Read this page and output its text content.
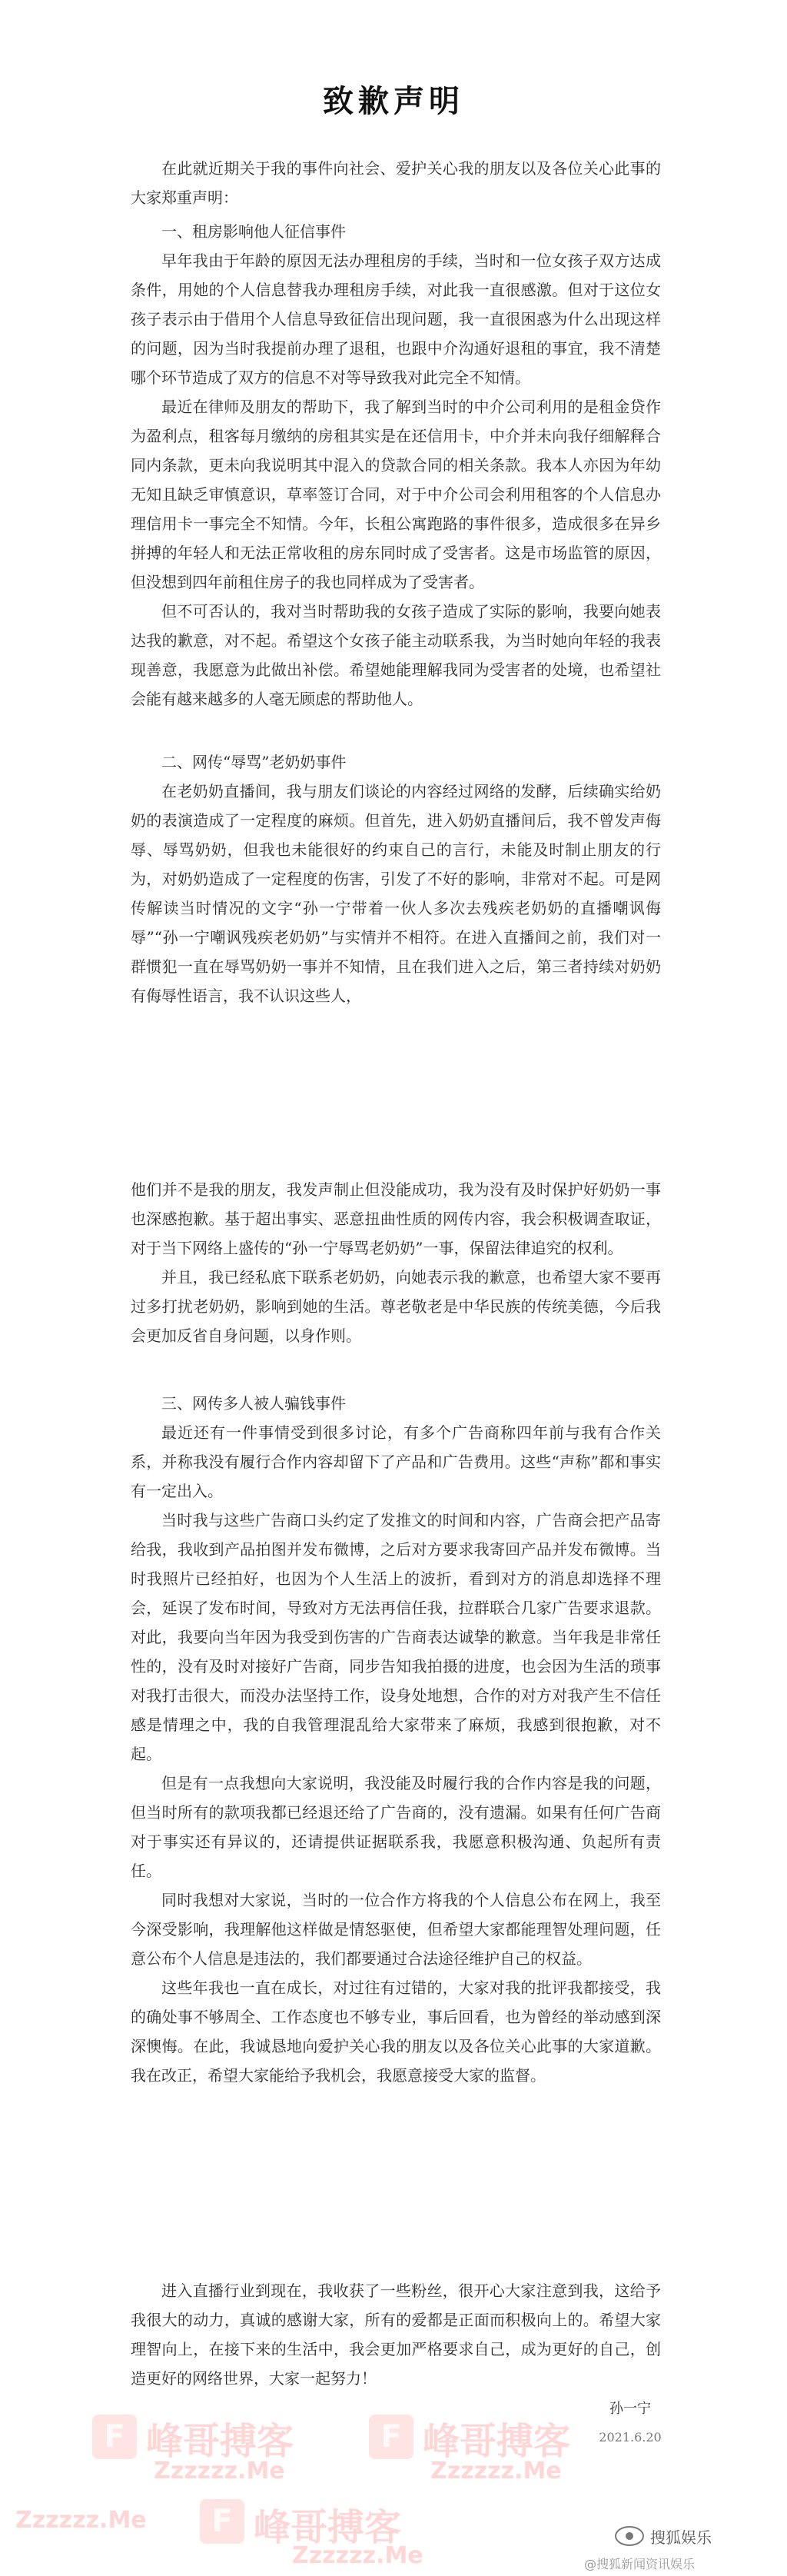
致歉声明

在此就近期关于我的事件向社会、爱护关心我的朋友以及各位关心此事的大家郑重声明：

一、租房影响他人征信事件

早年我由于年龄的原因无法办理租房的手续，当时和一位女孩子双方达成条件，用她的个人信息替我办理租房手续，对此我一直很感激。但对于这位女孩子表示由于借用个人信息导致征信出现问题，我一直很困惑为什么出现这样的问题，因为当时我提前办理了退租，也跟中介沟通好退租的事宜，我不清楚哪个环节造成了双方的信息不对等导致我对此完全不知情。

最近在律师及朋友的帮助下，我了解到当时的中介公司利用的是租金贷作为盈利点，租客每月缴纳的房租其实是在还信用卡，中介并未向我仔细解释合同内条款，更未向我说明其中混入的贷款合同的相关条款。我本人亦因为年幼无知且缺乏审慎意识，草率签订合同，对于中介公司会利用租客的个人信息办理信用卡一事完全不知情。今年，长租公寓跑路的事件很多，造成很多在异乡拼搏的年轻人和无法正常收租的房东同时成了受害者。这是市场监管的原因，但没想到四年前租住房子的我也同样成为了受害者。

但不可否认的，我对当时帮助我的女孩子造成了实际的影响，我要向她表达我的歉意，对不起。希望这个女孩子能主动联系我，为当时她向年轻的我表现善意，我愿意为此做出补偿。希望她能理解我同为受害者的处境，也希望社会能有越来越多的人毫无顾虑的帮助他人。

二、网传“辱骂”老奶奶事件

在老奶奶直播间，我与朋友们谈论的内容经过网络的发酵，后续确实给奶奶的表演造成了一定程度的麻烦。但首先，进入奶奶直播间后，我不曾发声侮辱、辱骂奶奶，但我也未能很好的约束自己的言行，未能及时制止朋友的行为，对奶奶造成了一定程度的伤害，引发了不好的影响，非常对不起。可是网传解读当时情况的文字“孙一宁带着一伙人多次去残疾老奶奶的直播嘲讽侮辱”“孙一宁嘲讽残疾老奶奶”与实情并不相符。在进入直播间之前，我们对一群惯犯一直在辱骂奶奶一事并不知情，且在我们进入之后，第三者持续对奶奶有侮辱性语言，我不认识这些人，

他们并不是我的朋友，我发声制止但没能成功，我为没有及时保护好奶奶一事也深感抱歉。基于超出事实、恶意扭曲性质的网传内容，我会积极调查取证，对于当下网络上盛传的“孙一宁辱骂老奶奶”一事，保留法律追究的权利。

并且，我已经私底下联系老奶奶，向她表示我的歉意，也希望大家不要再过多打扰老奶奶，影响到她的生活。尊老敬老是中华民族的传统美德，今后我会更加反省自身问题，以身作则。

三、网传多人被人骗钱事件

最近还有一件事情受到很多讨论，有多个广告商称四年前与我有合作关系，并称我没有履行合作内容却留下了产品和广告费用。这些“声称”都和事实有一定出入。

当时我与这些广告商口头约定了发推文的时间和内容，广告商会把产品寄给我，我收到产品拍图并发布微博，之后对方要求我寄回产品并发布微博。当时我照片已经拍好，也因为个人生活上的波折，看到对方的消息却选择不理会，延误了发布时间，导致对方无法再信任我，拉群联合几家广告要求退款。对此，我要向当年因为我受到伤害的广告商表达诚挚的歉意。当年我是非常任性的，没有及时对接好广告商，同步告知我拍摄的进度，也会因为生活的琐事对我打击很大，而没办法坚持工作，设身处地想，合作的对方对我产生不信任感是情理之中，我的自我管理混乱给大家带来了麻烦，我感到很抱歉，对不起。

但是有一点我想向大家说明，我没能及时履行我的合作内容是我的问题，但当时所有的款项我都已经退还给了广告商的，没有遗漏。如果有任何广告商对于事实还有异议的，还请提供证据联系我，我愿意积极沟通、负起所有责任。

同时我想对大家说，当时的一位合作方将我的个人信息公布在网上，我至今深受影响，我理解他这样做是情怒驱使，但希望大家都能理智处理问题，任意公布个人信息是违法的，我们都要通过合法途径维护自己的权益。

这些年我也一直在成长，对过往有过错的，大家对我的批评我都接受，我的确处事不够周全、工作态度也不够专业，事后回看，也为曾经的举动感到深深懊悔。在此，我诚恳地向爱护关心我的朋友以及各位关心此事的大家道歉。我在改正，希望大家能给予我机会，我愿意接受大家的监督。

进入直播行业到现在，我收获了一些粉丝，很开心大家注意到我，这给予我很大的动力，真诚的感谢大家，所有的爱都是正面而积极向上的。希望大家理智向上，在接下来的生活中，我会更加严格要求自己，成为更好的自己，创造更好的网络世界，大家一起努力！

孙一宁
2021.6.20
F 峰哥搏客
Zzzzzz.Me
F 峰哥搏客
Zzzzzz.Me
Zzzzzz.Me	F 峰哥搏客
Zzzzzz.Me
搜狐娱乐
@搜狐新闻资讯娱乐
